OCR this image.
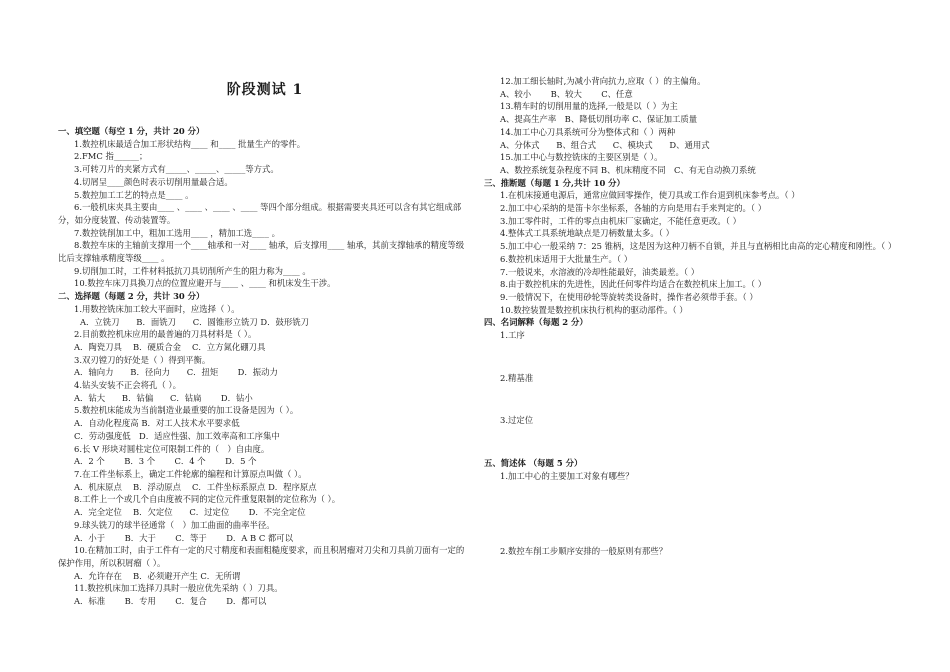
阶段测试 1
一、填空题（每空 1 分，共计 20 分）
1.数控机床最适合加工形状结构____ 和____ 批量生产的零件。
2.FMC 指______；
3.可转刀片的夹紧方式有_____、_____、_____等方式。
4.切屑呈____颜色时表示切削用量最合适。
5.数控加工工艺的特点是____ 。
6.一般机床夹具主要由____ 、____ 、____ 、____ 等四个部分组成。根据需要夹具还可以含有其它组成部分，如分度装置、传动装置等。
7.数控铣削加工中，粗加工选用____ ，精加工选____ 。
8.数控车床的主轴前支撑用一个____轴承和一对____ 轴承，后支撑用____ 轴承，其前支撑轴承的精度等级比后支撑轴承精度等级____ 。
9.切削加工时，工件材料抵抗刀具切削所产生的阻力称为____ 。
10.数控车床刀具换刀点的位置应避开与____ 、____ 和机床发生干涉。
二、选择题（每题 2 分，共计 30 分）
1.用数控铣床加工较大平面时，应选择（ ）。
A．立铣刀　　B．面铣刀　　C．圆锥形立铣刀 D．鼓形铣刀
2.目前数控机床应用的最普遍的刀具材料是（ ）。
A．陶瓷刀具　 B．硬质合金　 C．立方氮化硼刀具
3.双刃镗刀的好处是（ ）得到平衡。
A．轴向力　　B．径向力　　C．扭矩　　 D．振动力
4.钻头安装不正会将孔（ ）。
A．钻大　　B．钻偏　　C．钻扁　　 D．钻小
5.数控机床能成为当前制造业最重要的加工设备是因为（ ）。
A．自动化程度高 B．对工人技术水平要求低
C．劳动强度低　D．适应性强、加工效率高和工序集中
6.长 V 形块对圆柱定位可限制工件的（　）自由度。
A．2 个　　 B．3 个　　 C．4 个　　 D．5 个
7.在工件坐标系上，确定工件轮廓的编程和计算原点叫做（ ）。
A．机床原点　 B．浮动原点　 C．工件坐标系原点 D．程序原点
8.工件上一个或几个自由度被不同的定位元件重复限制的定位称为（ ）。
A．完全定位　 B．欠定位　　C．过定位　　 D．不完全定位
9.球头铣刀的球半径通常（　）加工曲面的曲率半径。
A．小于　　 B．大于　　 C．等于　　 D．A B C 都可以
10.在精加工时，由于工件有一定的尺寸精度和表面粗糙度要求，而且积屑瘤对刀尖和刀具前刀面有一定的保护作用，所以积屑瘤（ ）。
A．允许存在　 B．必须避开产生 C．无所谓
11.数控机床加工选择刀具时一般应优先采纳（ ）刀具。
A．标准　　 B．专用　　 C．复合　　 D．都可以
12.加工细长轴时,为减小背向抗力,应取（ ）的主偏角。
A、较小　　 B、较大　　 C、任意
13.精车时的切削用量的选择,一般是以（ ）为主
A、提高生产率　B、降低切削功率 C、保证加工质量
14.加工中心刀具系统可分为整体式和（ ）两种
A、分体式　　B、组合式　　C、模块式　　D、通用式
15.加工中心与数控铣床的主要区别是（ ）。
A、数控系统复杂程度不同 B、机床精度不同　C、有无自动换刀系统
三、推断题（每题 1 分,共计 10 分）
1.在机床接通电源后，通常应做回零操作，使刀具或工作台退到机床参考点。（ ）
2.加工中心采纳的是笛卡尔坐标系，各轴的方向是用右手来判定的。（ ）
3.加工零件时，工件的零点由机床厂家确定，不能任意更改。（ ）
4.整体式工具系统地缺点是刀柄数量太多。（ ）
5.加工中心一般采纳 7：25 锥柄，这是因为这种刀柄不自锁，并且与直柄相比由高的定心精度和刚性。（ ）
6.数控机床适用于大批量生产。（ ）
7.一般说来，水溶液的冷却性能最好，油类最差。（ ）
8.由于数控机床的先进性，因此任何零件均适合在数控机床上加工。（ ）
9.一般情况下，在使用砂轮等旋转类设备时，操作者必须带手套。（ ）
10.数控装置是数控机床执行机构的驱动部件。（ ）
四、名词解释（每题 2 分）
1.工序
2.精基准
3.过定位
五、简述体 （每题 5 分）
1.加工中心的主要加工对象有哪些？
2.数控车削工步顺序安排的一般原则有那些？
